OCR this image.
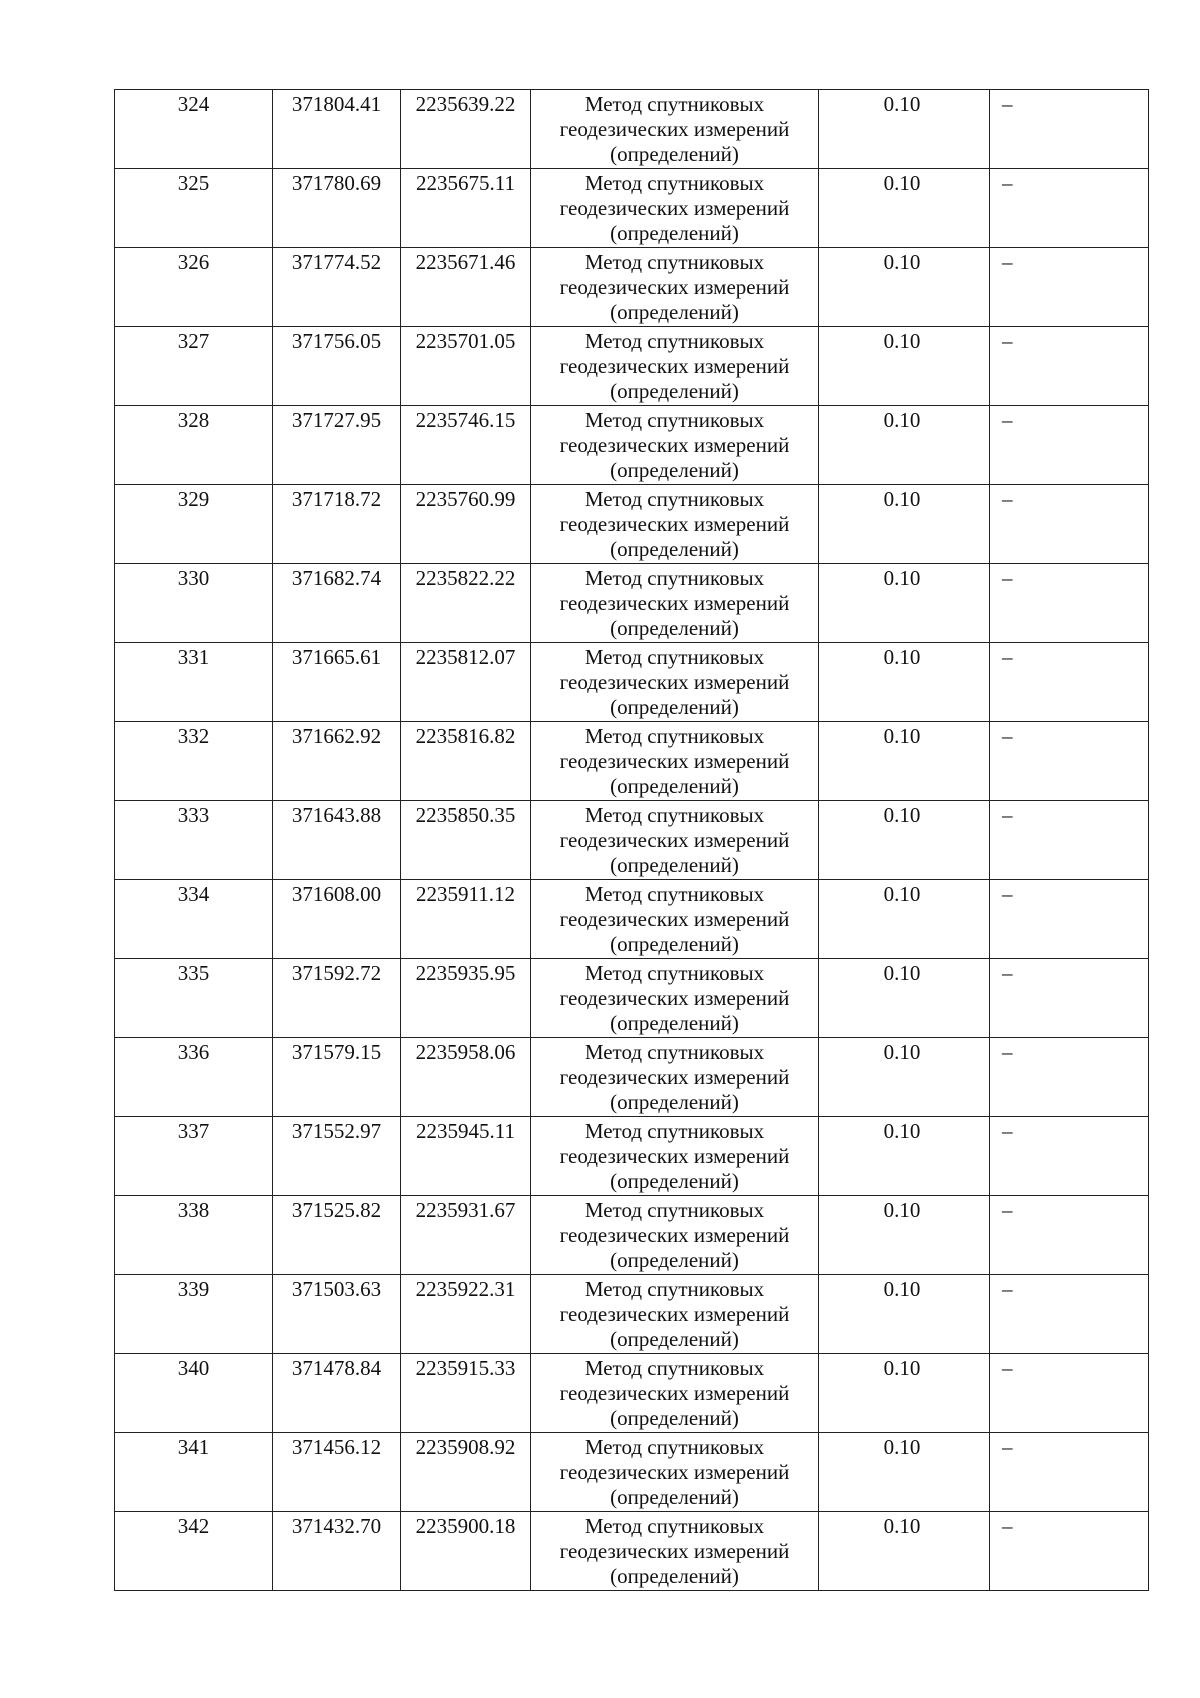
324	371804.41	2235639.22	Метод спутниковых
геодезических измерений
(определений)	0.10	–
325	371780.69	2235675.11	Метод спутниковых
геодезических измерений
(определений)	0.10	–
326	371774.52	2235671.46	Метод спутниковых
геодезических измерений
(определений)	0.10	–
327	371756.05	2235701.05	Метод спутниковых
геодезических измерений
(определений)	0.10	–
328	371727.95	2235746.15	Метод спутниковых
геодезических измерений
(определений)	0.10	–
329	371718.72	2235760.99	Метод спутниковых
геодезических измерений
(определений)	0.10	–
330	371682.74	2235822.22	Метод спутниковых
геодезических измерений
(определений)	0.10	–
331	371665.61	2235812.07	Метод спутниковых
геодезических измерений
(определений)	0.10	–
332	371662.92	2235816.82	Метод спутниковых
геодезических измерений
(определений)	0.10	–
333	371643.88	2235850.35	Метод спутниковых
геодезических измерений
(определений)	0.10	–
334	371608.00	2235911.12	Метод спутниковых
геодезических измерений
(определений)	0.10	–
335	371592.72	2235935.95	Метод спутниковых
геодезических измерений
(определений)	0.10	–
336	371579.15	2235958.06	Метод спутниковых
геодезических измерений
(определений)	0.10	–
337	371552.97	2235945.11	Метод спутниковых
геодезических измерений
(определений)	0.10	–
338	371525.82	2235931.67	Метод спутниковых
геодезических измерений
(определений)	0.10	–
339	371503.63	2235922.31	Метод спутниковых
геодезических измерений
(определений)	0.10	–
340	371478.84	2235915.33	Метод спутниковых
геодезических измерений
(определений)	0.10	–
341	371456.12	2235908.92	Метод спутниковых
геодезических измерений
(определений)	0.10	–
342	371432.70	2235900.18	Метод спутниковых
геодезических измерений
(определений)	0.10	–
